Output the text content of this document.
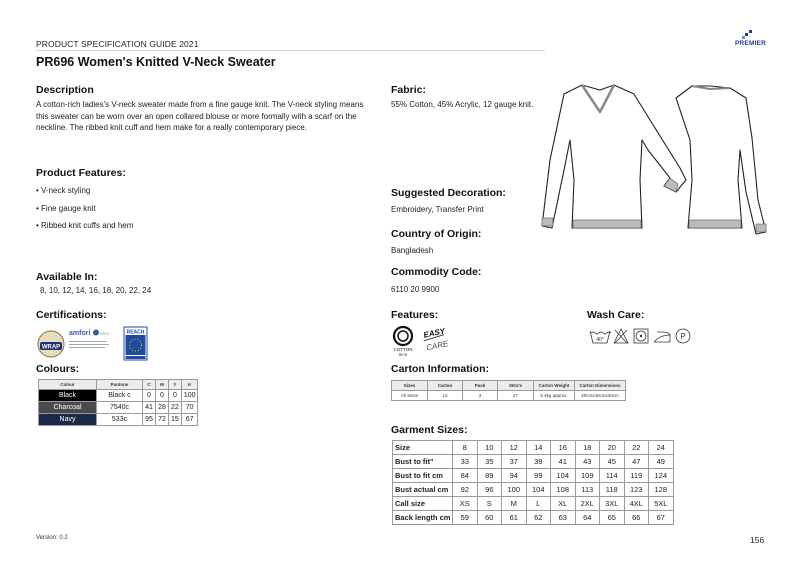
PRODUCT SPECIFICATION GUIDE 2021
PR696 Women's Knitted V-Neck Sweater
PREMIER
Description

A cotton-rich ladies's V-neck sweater made from a fine gauge knit. The V-neck styling means this sweater can be worn over an open collared blouse or more formally with a scarf on the neckline. The ribbed knit cuff and hem make for a really contemporary piece.

Fabric:

55% Cotton, 45% Acrylic, 12 gauge knit.

Product Features:
• V-neck styling
• Fine gauge knit
• Ribbed knit cuffs and hem
Available In:
8, 10, 12, 14, 16, 18, 20, 22, 24
Certifications:
WRAP
amfori BSCI	REACH
Colours:
Colour	Pantone	C	M	Y	K
Black	Black c	0	0	0	100
Charcoal	7540c	41	28	22	70
Navy	533c	95	72	15	67
Suggested Decoration:
Embroidery, Transfer Print
Country of Origin:
Bangladesh
Commodity Code:
6110 20 9900
Features:
COTTON
RICH
EASY
CARE
Wash Care:
40°	P
Carton Information:
Sizes	Carton	Pack	SKU's	Carton Weight	Carton Dimensions
All Sizes	12	3	27	5.4kg approx.	40cmx40cmx20cm
Garment Sizes:
Size	8	10	12	14	16	18	20	22	24
Bust to fit"	33	35	37	39	41	43	45	47	49
Bust to fit cm	84	89	94	99	104	109	114	119	124
Bust actual cm	92	96	100	104	108	113	118	123	128
Call size	XS	S	M	L	XL	2XL	3XL	4XL	5XL
Back length cm	59	60	61	62	63	64	65	66	67
Version: 0.2	156
